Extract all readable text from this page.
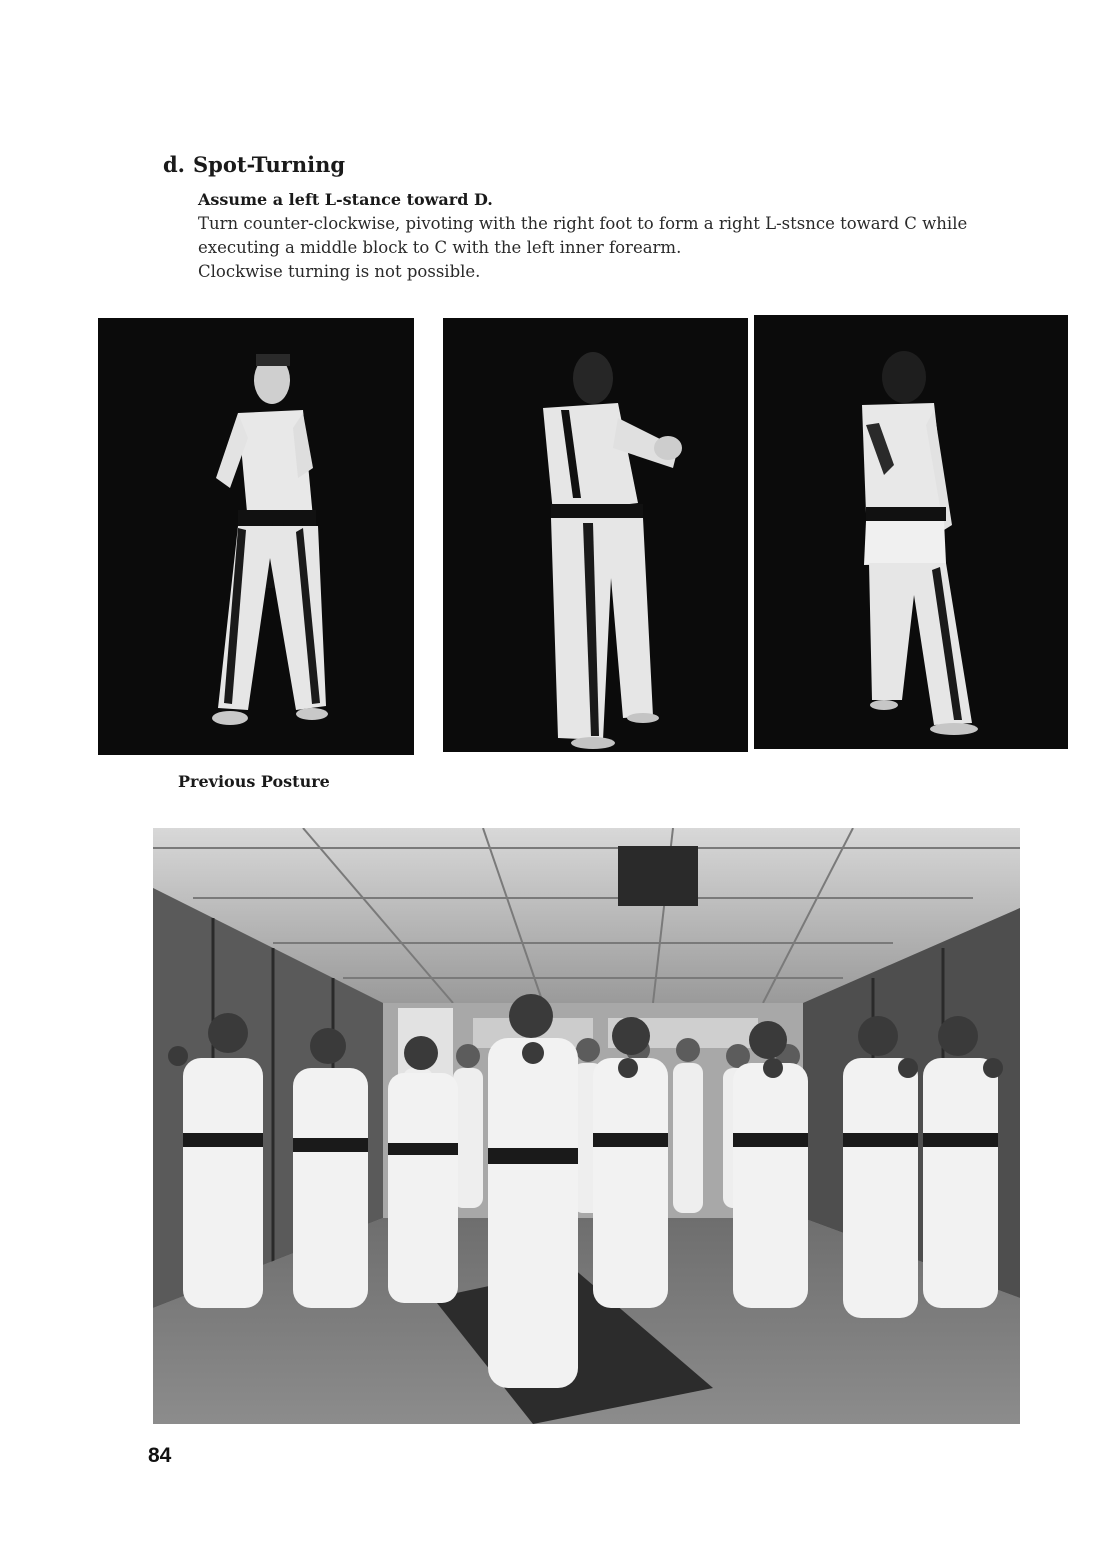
d. Spot-Turning
Assume a left L-stance toward D.

Turn counter-clockwise, pivoting with the right foot to form a right L-stsnce toward C while executing a middle block to C with the left inner forearm.

Clockwise turning is not possible.

Previous Posture
84
